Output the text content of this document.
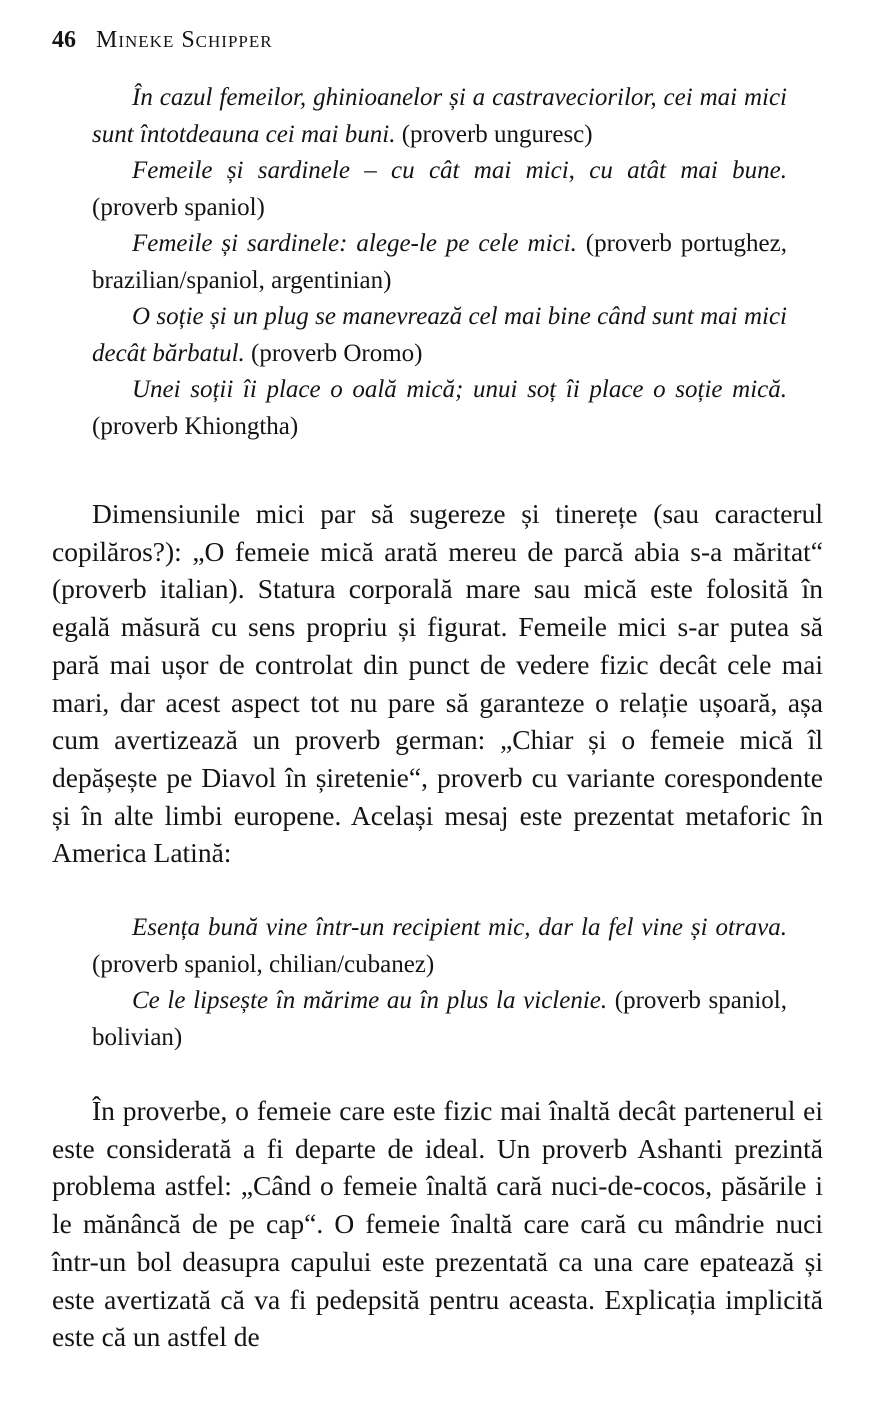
46 Mineke Schipper

În cazul femeilor, ghinioanelor și a castraveciorilor, cei mai mici sunt întotdeauna cei mai buni. (proverb unguresc)

Femeile și sardinele – cu cât mai mici, cu atât mai bune. (proverb spaniol)

Femeile și sardinele: alege-le pe cele mici. (proverb portughez, brazilian/spaniol, argentinian)

O soție și un plug se manevrează cel mai bine când sunt mai mici decât bărbatul. (proverb Oromo)

Unei soții îi place o oală mică; unui soț îi place o soție mică. (proverb Khiongtha)

Dimensiunile mici par să sugereze și tinerețe (sau caracterul copilăros?): „O femeie mică arată mereu de parcă abia s-a măritat“ (proverb italian). Statura corporală mare sau mică este folosită în egală măsură cu sens propriu și figurat. Femeile mici s-ar putea să pară mai ușor de controlat din punct de vedere fizic decât cele mai mari, dar acest aspect tot nu pare să garanteze o relație ușoară, așa cum avertizează un proverb german: „Chiar și o femeie mică îl depășește pe Diavol în șiretenie“, proverb cu variante corespondente și în alte limbi europene. Același mesaj este prezentat metaforic în America Latină:

Esența bună vine într-un recipient mic, dar la fel vine și otrava. (proverb spaniol, chilian/cubanez)

Ce le lipsește în mărime au în plus la viclenie. (proverb spaniol, bolivian)

În proverbe, o femeie care este fizic mai înaltă decât partenerul ei este considerată a fi departe de ideal. Un proverb Ashanti prezintă problema astfel: „Când o femeie înaltă cară nuci-de-cocos, păsările i le mănâncă de pe cap“. O femeie înaltă care cară cu mândrie nuci într-un bol deasupra capului este prezentată ca una care epatează și este avertizată că va fi pedepsită pentru aceasta. Explicația implicită este că un astfel de
